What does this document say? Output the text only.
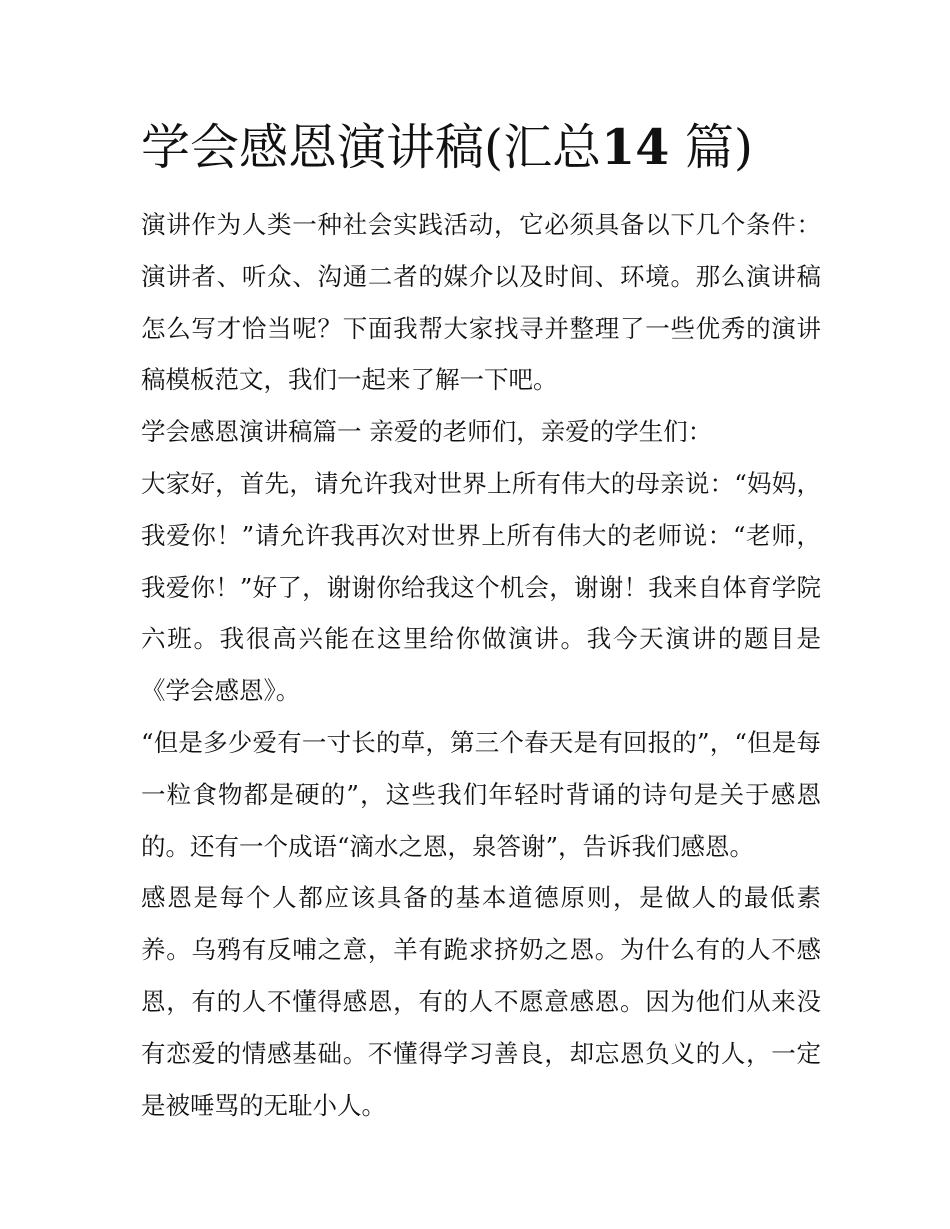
学会感恩演讲稿(汇总14 篇)

演讲作为人类一种社会实践活动，它必须具备以下几个条件：演讲者、听众、沟通二者的媒介以及时间、环境。那么演讲稿怎么写才恰当呢？下面我帮大家找寻并整理了一些优秀的演讲稿模板范文，我们一起来了解一下吧。

学会感恩演讲稿篇一 亲爱的老师们，亲爱的学生们：

大家好，首先，请允许我对世界上所有伟大的母亲说：“妈妈，我爱你！”请允许我再次对世界上所有伟大的老师说：“老师，我爱你！”好了，谢谢你给我这个机会，谢谢！我来自体育学院六班。我很高兴能在这里给你做演讲。我今天演讲的题目是《学会感恩》。

“但是多少爱有一寸长的草，第三个春天是有回报的”，“但是每一粒食物都是硬的”，这些我们年轻时背诵的诗句是关于感恩的。还有一个成语“滴水之恩，泉答谢”，告诉我们感恩。

感恩是每个人都应该具备的基本道德原则，是做人的最低素养。乌鸦有反哺之意，羊有跪求挤奶之恩。为什么有的人不感恩，有的人不懂得感恩，有的人不愿意感恩。因为他们从来没有恋爱的情感基础。不懂得学习善良，却忘恩负义的人，一定是被唾骂的无耻小人。
